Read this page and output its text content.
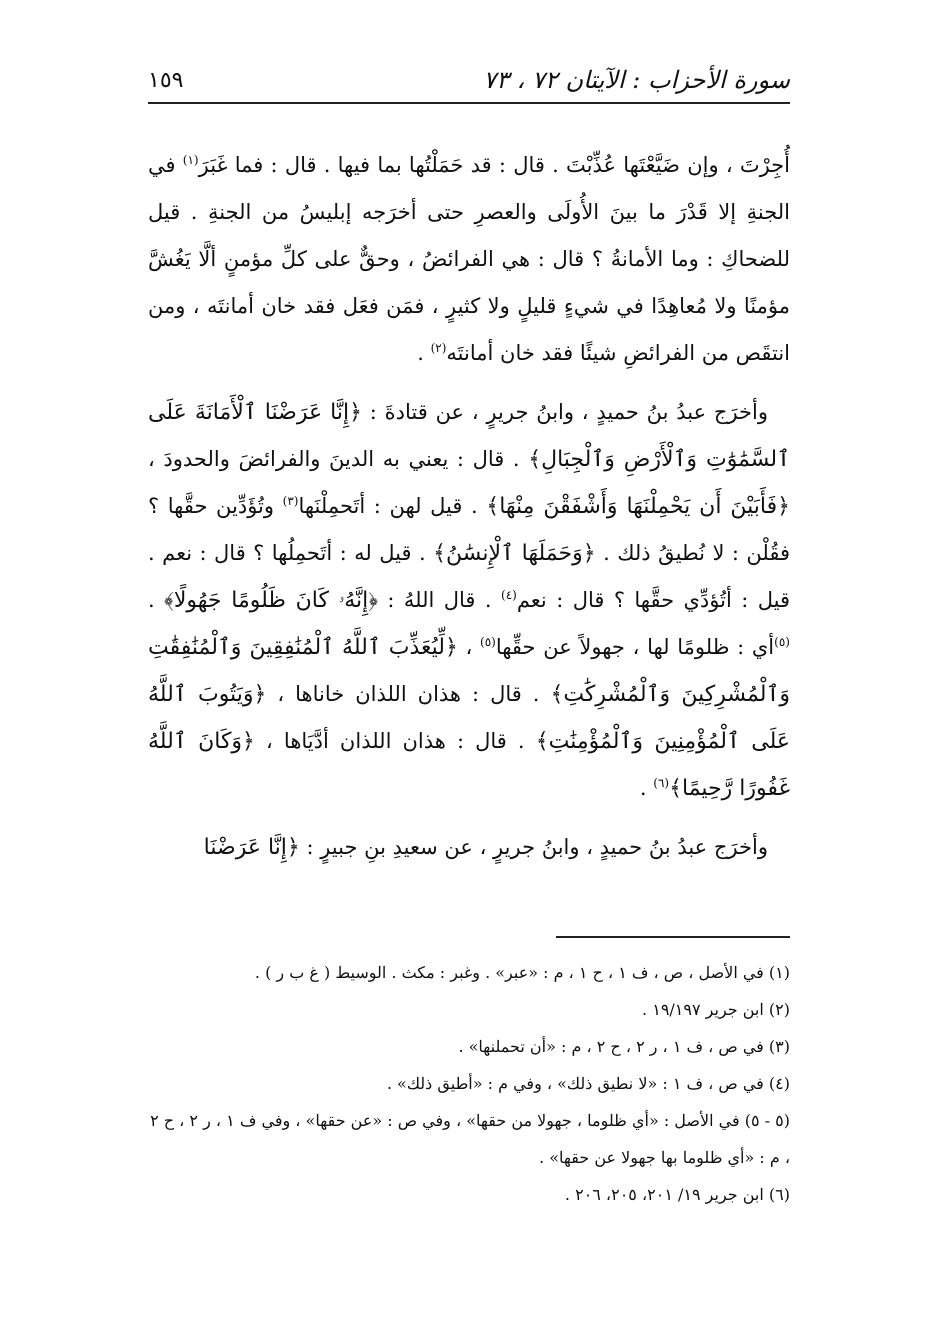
سورة الأحزاب : الآيتان ٧٢ ، ٧٣
١٥٩

أُجِرْتَ ، وإن ضَيَّعْتَها عُذِّبْتَ . قال : قد حَمَلْتُها بما فيها . قال : فما غَبَرَ$^{(١)}$ في الجنةِ إلا قَدْرَ ما بينَ الأُولَى والعصرِ حتى أخرَجه إبليسُ من الجنةِ . قيل للضحاكِ : وما الأمانةُ ؟ قال : هي الفرائضُ ، وحقٌّ على كلِّ مؤمنٍ ألَّا يَغُشَّ مؤمنًا ولا مُعاهِدًا في شيءٍ قليلٍ ولا كثيرٍ ، فمَن فعَل فقد خان أمانتَه ، ومن انتقَص من الفرائضِ شيئًا فقد خان أمانتَه$^{(٢)}$ .

وأخرَج عبدُ بنُ حميدٍ ، وابنُ جريرٍ ، عن قتادةَ : ﴿إِنَّا عَرَضْنَا ٱلْأَمَانَةَ عَلَى ٱلسَّمَٰوَٰتِ وَٱلْأَرْضِ وَٱلْجِبَالِ﴾ . قال : يعني به الدينَ والفرائضَ والحدودَ ، ﴿فَأَبَيْنَ أَن يَحْمِلْنَهَا وَأَشْفَقْنَ مِنْهَا﴾ . قيل لهن : أتَحمِلْنَها$^{(٣)}$ وتُؤَدِّين حقَّها ؟ فقُلْن : لا نُطيقُ ذلك . ﴿وَحَمَلَهَا ٱلْإِنسَٰنُ﴾ . قيل له : أتَحمِلُها ؟ قال : نعم . قيل : أتُؤدِّي حقَّها ؟ قال : نعم$^{(٤)}$ . قال اللهُ : ﴿إِنَّهُۥ كَانَ ظَلُومًا جَهُولًا﴾ . $^{(٥)}$أي : ظلومًا لها ، جهولاً عن حقِّها$^{(٥)}$ ، ﴿لِّيُعَذِّبَ ٱللَّهُ ٱلْمُنَٰفِقِينَ وَٱلْمُنَٰفِقَٰتِ وَٱلْمُشْرِكِينَ وَٱلْمُشْرِكَٰتِ﴾ . قال : هذان اللذان خاناها ، ﴿وَيَتُوبَ ٱللَّهُ عَلَى ٱلْمُؤْمِنِينَ وَٱلْمُؤْمِنَٰتِ﴾ . قال : هذان اللذان أدَّيَاها ، ﴿وَكَانَ ٱللَّهُ غَفُورًا رَّحِيمًا﴾$^{(٦)}$ .

وأخرَج عبدُ بنُ حميدٍ ، وابنُ جريرٍ ، عن سعيدِ بنِ جبيرٍ : ﴿إِنَّا عَرَضْنَا

(١) في الأصل ، ص ، ف ١ ، ح ١ ، م : «عبر» . وغبر : مكث . الوسيط ( غ ب ر ) .

(٢) ابن جرير ١٩/١٩٧ .

(٣) في ص ، ف ١ ، ر ٢ ، ح ٢ ، م : «أن تحملنها» .

(٤) في ص ، ف ١ : «لا نطيق ذلك» ، وفي م : «أطيق ذلك» .

(٥ - ٥) في الأصل : «أي ظلوما ، جهولا من حقها» ، وفي ص : «عن حقها» ، وفي ف ١ ، ر ٢ ، ح ٢ ، م : «أي ظلوما بها جهولا عن حقها» .

(٦) ابن جرير ١٩/ ٢٠١، ٢٠٥، ٢٠٦ .
